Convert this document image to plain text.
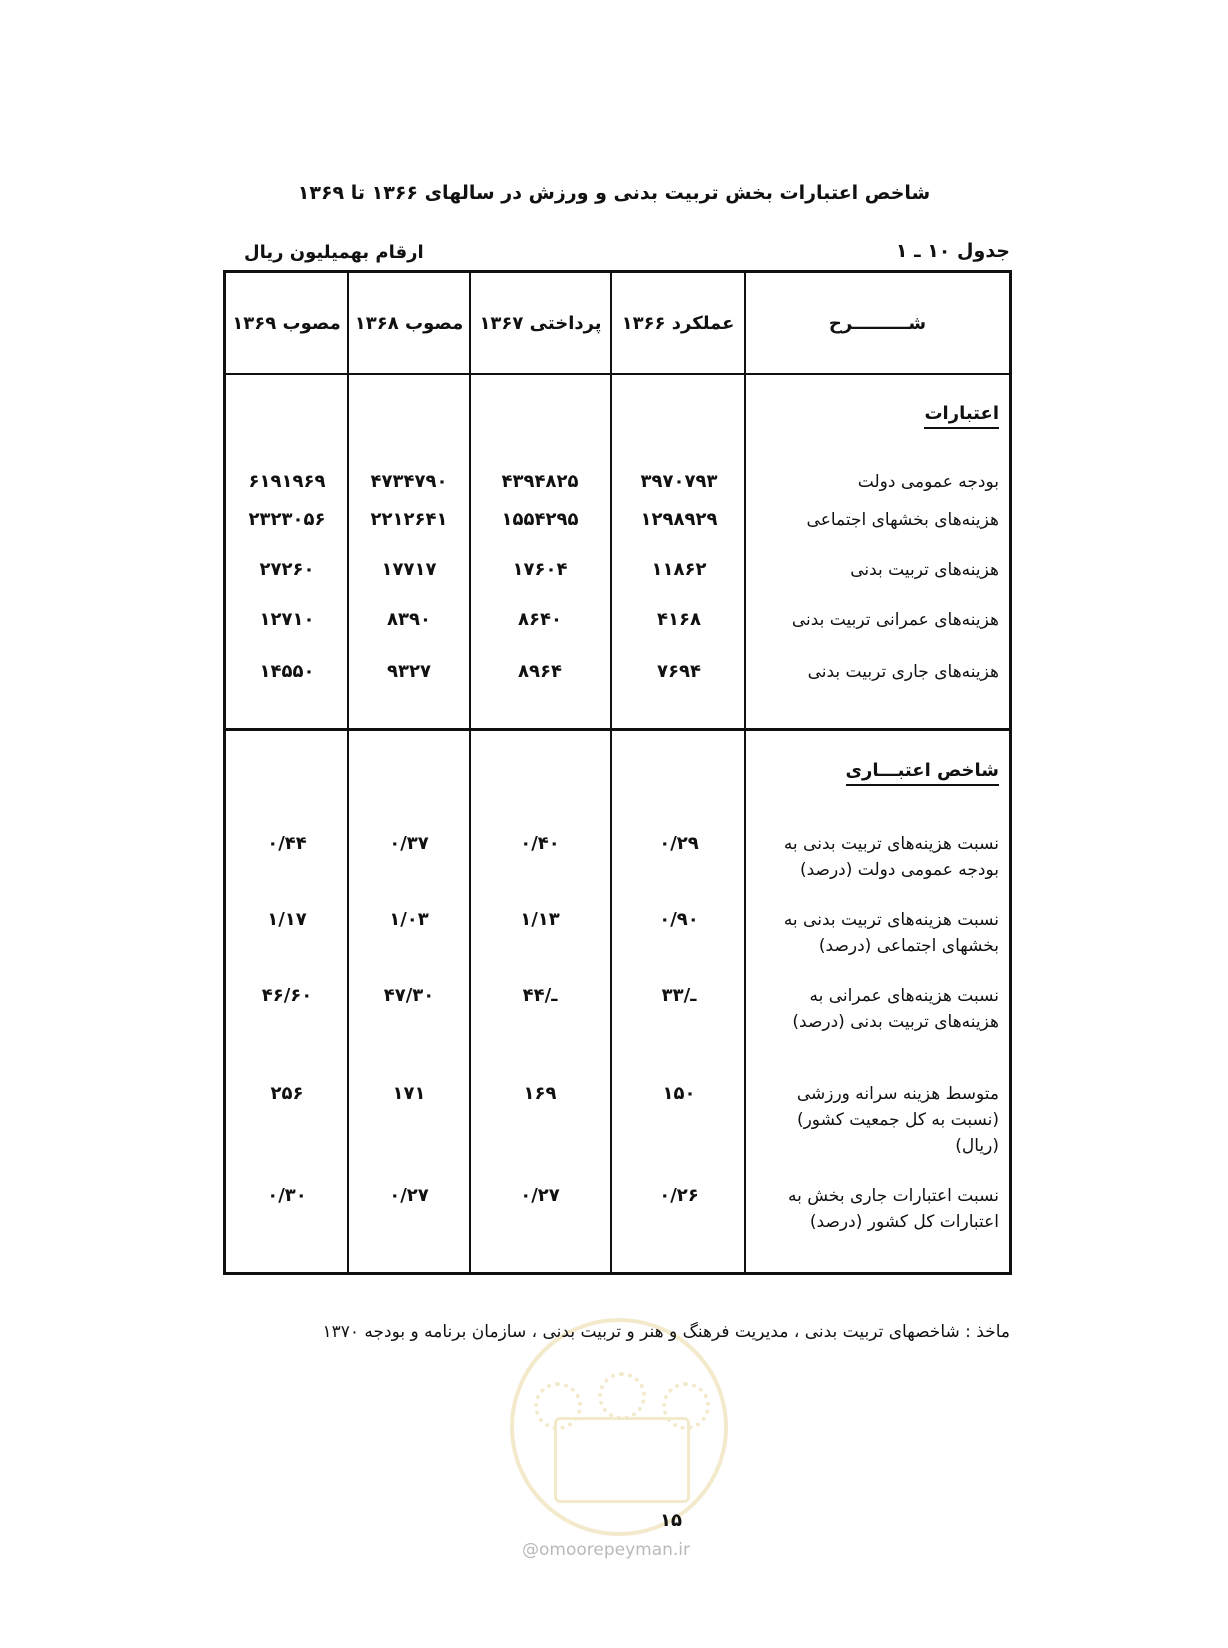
شاخص اعتبارات بخش تربیت بدنی و ورزش در سالهای ۱۳۶۶ تا ۱۳۶۹
جدول ۱۰ ـ ۱
ارقام بهمیلیون ریال
شـــــــــرح
عملکرد ۱۳۶۶
پرداختی ۱۳۶۷
مصوب ۱۳۶۸
مصوب ۱۳۶۹
اعتبارات
شاخص اعتبـــاری
بودجه عمومی دولت
۳۹۷۰۷۹۳
۴۳۹۴۸۲۵
۴۷۳۴۷۹۰
۶۱۹۱۹۶۹
هزینه‌های بخشهای اجتماعی
۱۲۹۸۹۲۹
۱۵۵۴۲۹۵
۲۲۱۲۶۴۱
۲۳۲۳۰۵۶
هزینه‌های تربیت بدنی
۱۱۸۶۲
۱۷۶۰۴
۱۷۷۱۷
۲۷۲۶۰
هزینه‌های عمرانی تربیت بدنی
۴۱۶۸
۸۶۴۰
۸۳۹۰
۱۲۷۱۰
هزینه‌های جاری تربیت بدنی
۷۶۹۴
۸۹۶۴
۹۳۲۷
۱۴۵۵۰
نسبت هزینه‌های تربیت بدنی به بودجه عمومی دولت (درصد)
۰/۲۹
۰/۴۰
۰/۳۷
۰/۴۴
نسبت هزینه‌های تربیت بدنی به بخشهای اجتماعی (درصد)
۰/۹۰
۱/۱۳
۱/۰۳
۱/۱۷
نسبت هزینه‌های عمرانی به هزینه‌های تربیت بدنی (درصد)
۳۳/ـ
ـ/۴۴
۴۷/۳۰
۴۶/۶۰
متوسط هزینه سرانه ورزشی (نسبت به کل جمعیت کشور) (ریال)
۱۵۰
۱۶۹
۱۷۱
۲۵۶
نسبت اعتبارات جاری بخش به اعتبارات کل کشور (درصد)
۰/۲۶
۰/۲۷
۰/۲۷
۰/۳۰
ماخذ : شاخصهای تربیت بدنی ، مدیریت فرهنگ و هنر و تربیت بدنی ، سازمان برنامه و بودجه ۱۳۷۰
۱۵
@omoorepeyman.ir
